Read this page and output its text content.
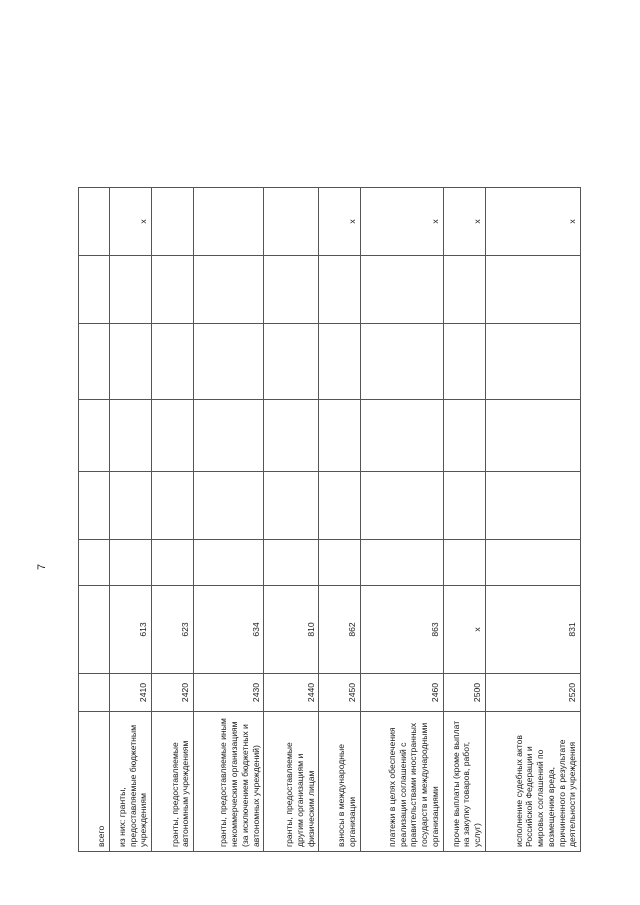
7
всего								
из них: гранты, предоставляемые бюджетным учреждениям	2410	613						x
гранты, предоставляемые автономным учреждениям	2420	623						
гранты, предоставляемые иным некоммерческим организациям (за исключением бюджетных и автономных учреждений)	2430	634						
гранты, предоставляемые другим организациям и физическим лицам	2440	810						
взносы в международные организации	2450	862						x
платежи в целях обеспечения реализации соглашений с правительствами иностранных государств и международными организациями	2460	863						x
прочие выплаты (кроме выплат на закупку товаров, работ, услуг)	2500	x						x
исполнение судебных актов Российской Федерации и мировых соглашений по возмещению вреда, причиненного в результате деятельности учреждения	2520	831						x
